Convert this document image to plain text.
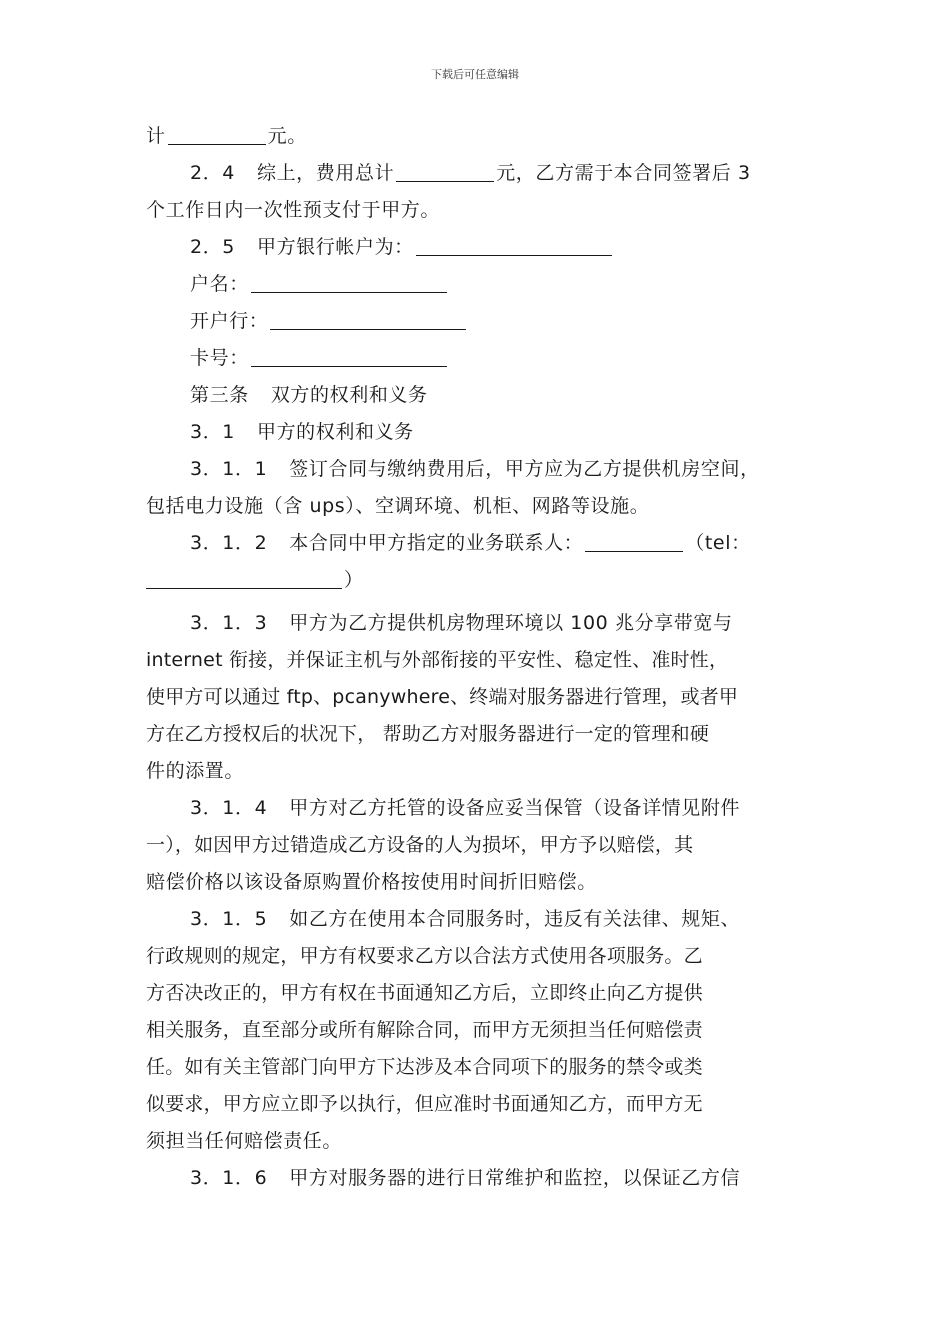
下载后可任意编辑

计	元。

2．4 综上，费用总计	元，乙方需于本合同签署后 3

个工作日内一次性预支付于甲方。

2．5 甲方银行帐户为：

户名：

开户行：

卡号：

第三条 双方的权利和义务

3．1 甲方的权利和义务

3．1．1 签订合同与缴纳费用后，甲方应为乙方提供机房空间，

包括电力设施（含 ups）、空调环境、机柜、网路等设施。

3．1．2 本合同中甲方指定的业务联系人：	（tel：

）

3．1．3 甲方为乙方提供机房物理环境以 100 兆分享带宽与

internet 衔接，并保证主机与外部衔接的平安性、稳定性、准时性，

使甲方可以通过 ftp、pcanywhere、终端对服务器进行管理，或者甲

方在乙方授权后的状况下， 帮助乙方对服务器进行一定的管理和硬

件的添置。

3．1．4 甲方对乙方托管的设备应妥当保管（设备详情见附件

一），如因甲方过错造成乙方设备的人为损坏，甲方予以赔偿，其

赔偿价格以该设备原购置价格按使用时间折旧赔偿。

3．1．5 如乙方在使用本合同服务时，违反有关法律、规矩、

行政规则的规定，甲方有权要求乙方以合法方式使用各项服务。乙

方否决改正的，甲方有权在书面通知乙方后，立即终止向乙方提供

相关服务，直至部分或所有解除合同，而甲方无须担当任何赔偿责

任。如有关主管部门向甲方下达涉及本合同项下的服务的禁令或类

似要求，甲方应立即予以执行，但应准时书面通知乙方，而甲方无

须担当任何赔偿责任。

3．1．6 甲方对服务器的进行日常维护和监控，以保证乙方信
